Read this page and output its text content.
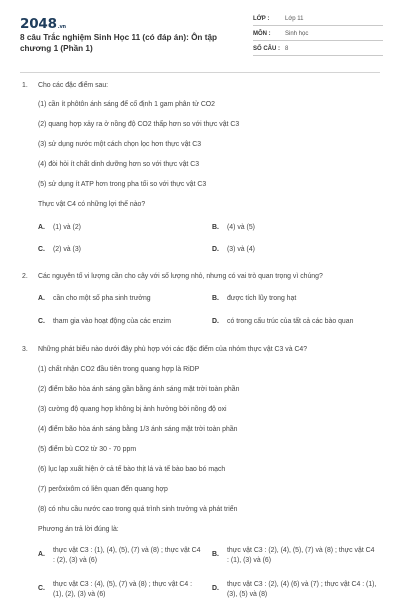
2048.vn
8 câu Trắc nghiệm Sinh Học 11 (có đáp án): Ôn tập chương 1 (Phần 1)
LỚP :	Lớp 11
MÔN : Sinh học
SỐ CÂU : 8
1. Cho các đặc điểm sau:
(1) cần ít phôtôn ánh sáng để cố định 1 gam phân tử CO2
(2) quang hợp xảy ra ở nồng độ CO2 thấp hơn so với thực vật C3
(3) sử dụng nước một cách chọn lọc hơn thực vật C3
(4) đòi hỏi ít chất dinh dưỡng hơn so với thực vật C3
(5) sử dụng ít ATP hơn trong pha tối so với thực vật C3
Thực vật C4 có những lợi thế nào?
A. (1) và (2)	B. (4) và (5)
C. (2) và (3)	D. (3) và (4)
2. Các nguyên tố vi lượng cần cho cây với số lượng nhỏ, nhưng có vai trò quan trọng vì chúng?
A. cần cho một số pha sinh trưởng	B. được tích lũy trong hạt
C. tham gia vào hoạt động của các enzim	D. có trong cấu trúc của tất cả các bào quan
3. Những phát biểu nào dưới đây phù hợp với các đặc điểm của nhóm thực vật C3 và C4?
(1) chất nhận CO2 đầu tiên trong quang hợp là RiDP
(2) điểm bão hòa ánh sáng gần bằng ánh sáng mặt trời toàn phần
(3) cường độ quang hợp không bị ảnh hưởng bởi nồng độ oxi
(4) điểm bão hòa ánh sáng bằng 1/3 ánh sáng mặt trời toàn phần
(5) điểm bù CO2 từ 30 - 70 ppm
(6) lục lạp xuất hiện ở cả tế bào thịt lá và tế bào bao bó mạch
(7) perôxixôm có liên quan đến quang hợp
(8) có nhu cầu nước cao trong quá trình sinh trưởng và phát triển
Phương án trả lời đúng là:
A.
thực vật C3 : (1), (4), (5), (7) và (8) ; thực vật C4 : (2), (3) và (6)
B.
thực vật C3 : (2), (4), (5), (7) và (8) ; thực vật C4 : (1), (3) và (6)
C.
thực vật C3 : (4), (5), (7) và (8) ; thực vật C4 : (1), (2), (3) và (6)
D.
thực vật C3 : (2), (4) (6) và (7) ; thực vật C4 : (1), (3), (5) và (8)
